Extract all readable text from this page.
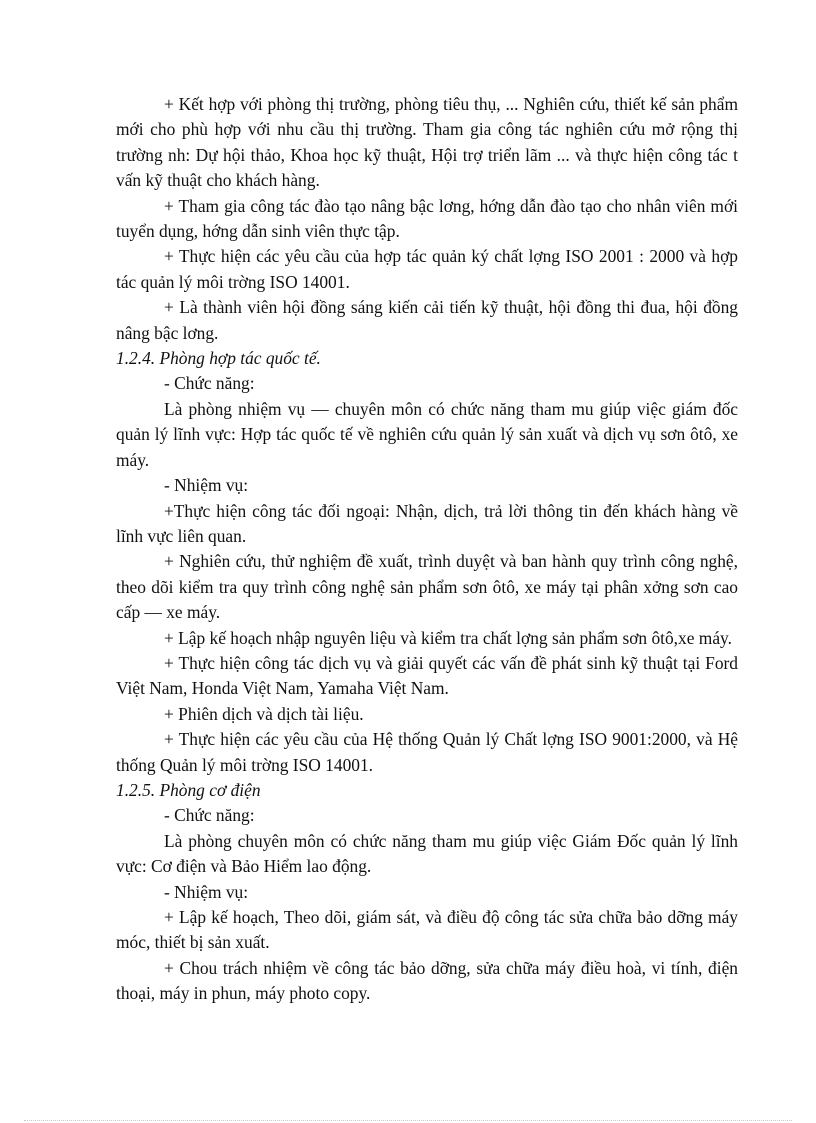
+ Kết hợp với phòng thị trường, phòng tiêu thụ, ... Nghiên cứu, thiết kế sản phẩm mới cho phù hợp với nhu cầu thị trường. Tham gia công tác nghiên cứu mở rộng thị trường nh: Dự hội thảo, Khoa học kỹ thuật, Hội trợ triển lãm ... và thực hiện công tác t vấn kỹ thuật cho khách hàng.

+ Tham gia công tác đào tạo nâng bậc lơng, hớng dẫn đào tạo cho nhân viên mới tuyển dụng, hớng dẫn sinh viên thực tập.

+ Thực hiện các yêu cầu của hợp tác quản ký chất lợng ISO 2001 : 2000 và hợp tác quản lý môi trờng ISO 14001.

+ Là thành viên hội đồng sáng kiến cải tiến kỹ thuật, hội đồng thi đua, hội đồng nâng bậc lơng.

1.2.4. Phòng hợp tác quốc tế.

- Chức năng:

Là phòng nhiệm vụ — chuyên môn có chức năng tham mu giúp việc giám đốc quản lý lĩnh vực: Hợp tác quốc tế về nghiên cứu quản lý sản xuất và dịch vụ sơn ôtô, xe máy.

- Nhiệm vụ:

+Thực hiện công tác đối ngoại: Nhận, dịch, trả lời thông tin đến khách hàng về lĩnh vực liên quan.

+ Nghiên cứu, thử nghiệm đề xuất, trình duyệt và ban hành quy trình công nghệ, theo dõi kiểm tra quy trình công nghệ sản phẩm sơn ôtô, xe máy tại phân xởng sơn cao cấp — xe máy.

+ Lập kế hoạch nhập nguyên liệu và kiểm tra chất lợng sản phẩm sơn ôtô,xe máy.

+ Thực hiện công tác dịch vụ và giải quyết các vấn đề phát sinh kỹ thuật tại Ford Việt Nam, Honda Việt Nam, Yamaha Việt Nam.

+ Phiên dịch và dịch tài liệu.

+ Thực hiện các yêu cầu của Hệ thống Quản lý Chất lợng ISO 9001:2000, và Hệ thống Quản lý môi trờng ISO 14001.

1.2.5. Phòng cơ điện

- Chức năng:

Là phòng chuyên môn có chức năng tham mu giúp việc Giám Đốc quản lý lĩnh vực: Cơ điện và Bảo Hiểm lao động.

- Nhiệm vụ:

+ Lập kế hoạch, Theo dõi, giám sát, và điều độ công tác sửa chữa bảo dỡng máy móc, thiết bị sản xuất.

+ Chou trách nhiệm về công tác bảo dỡng, sửa chữa máy điều hoà, vi tính, điện thoại, máy in phun, máy photo copy.
